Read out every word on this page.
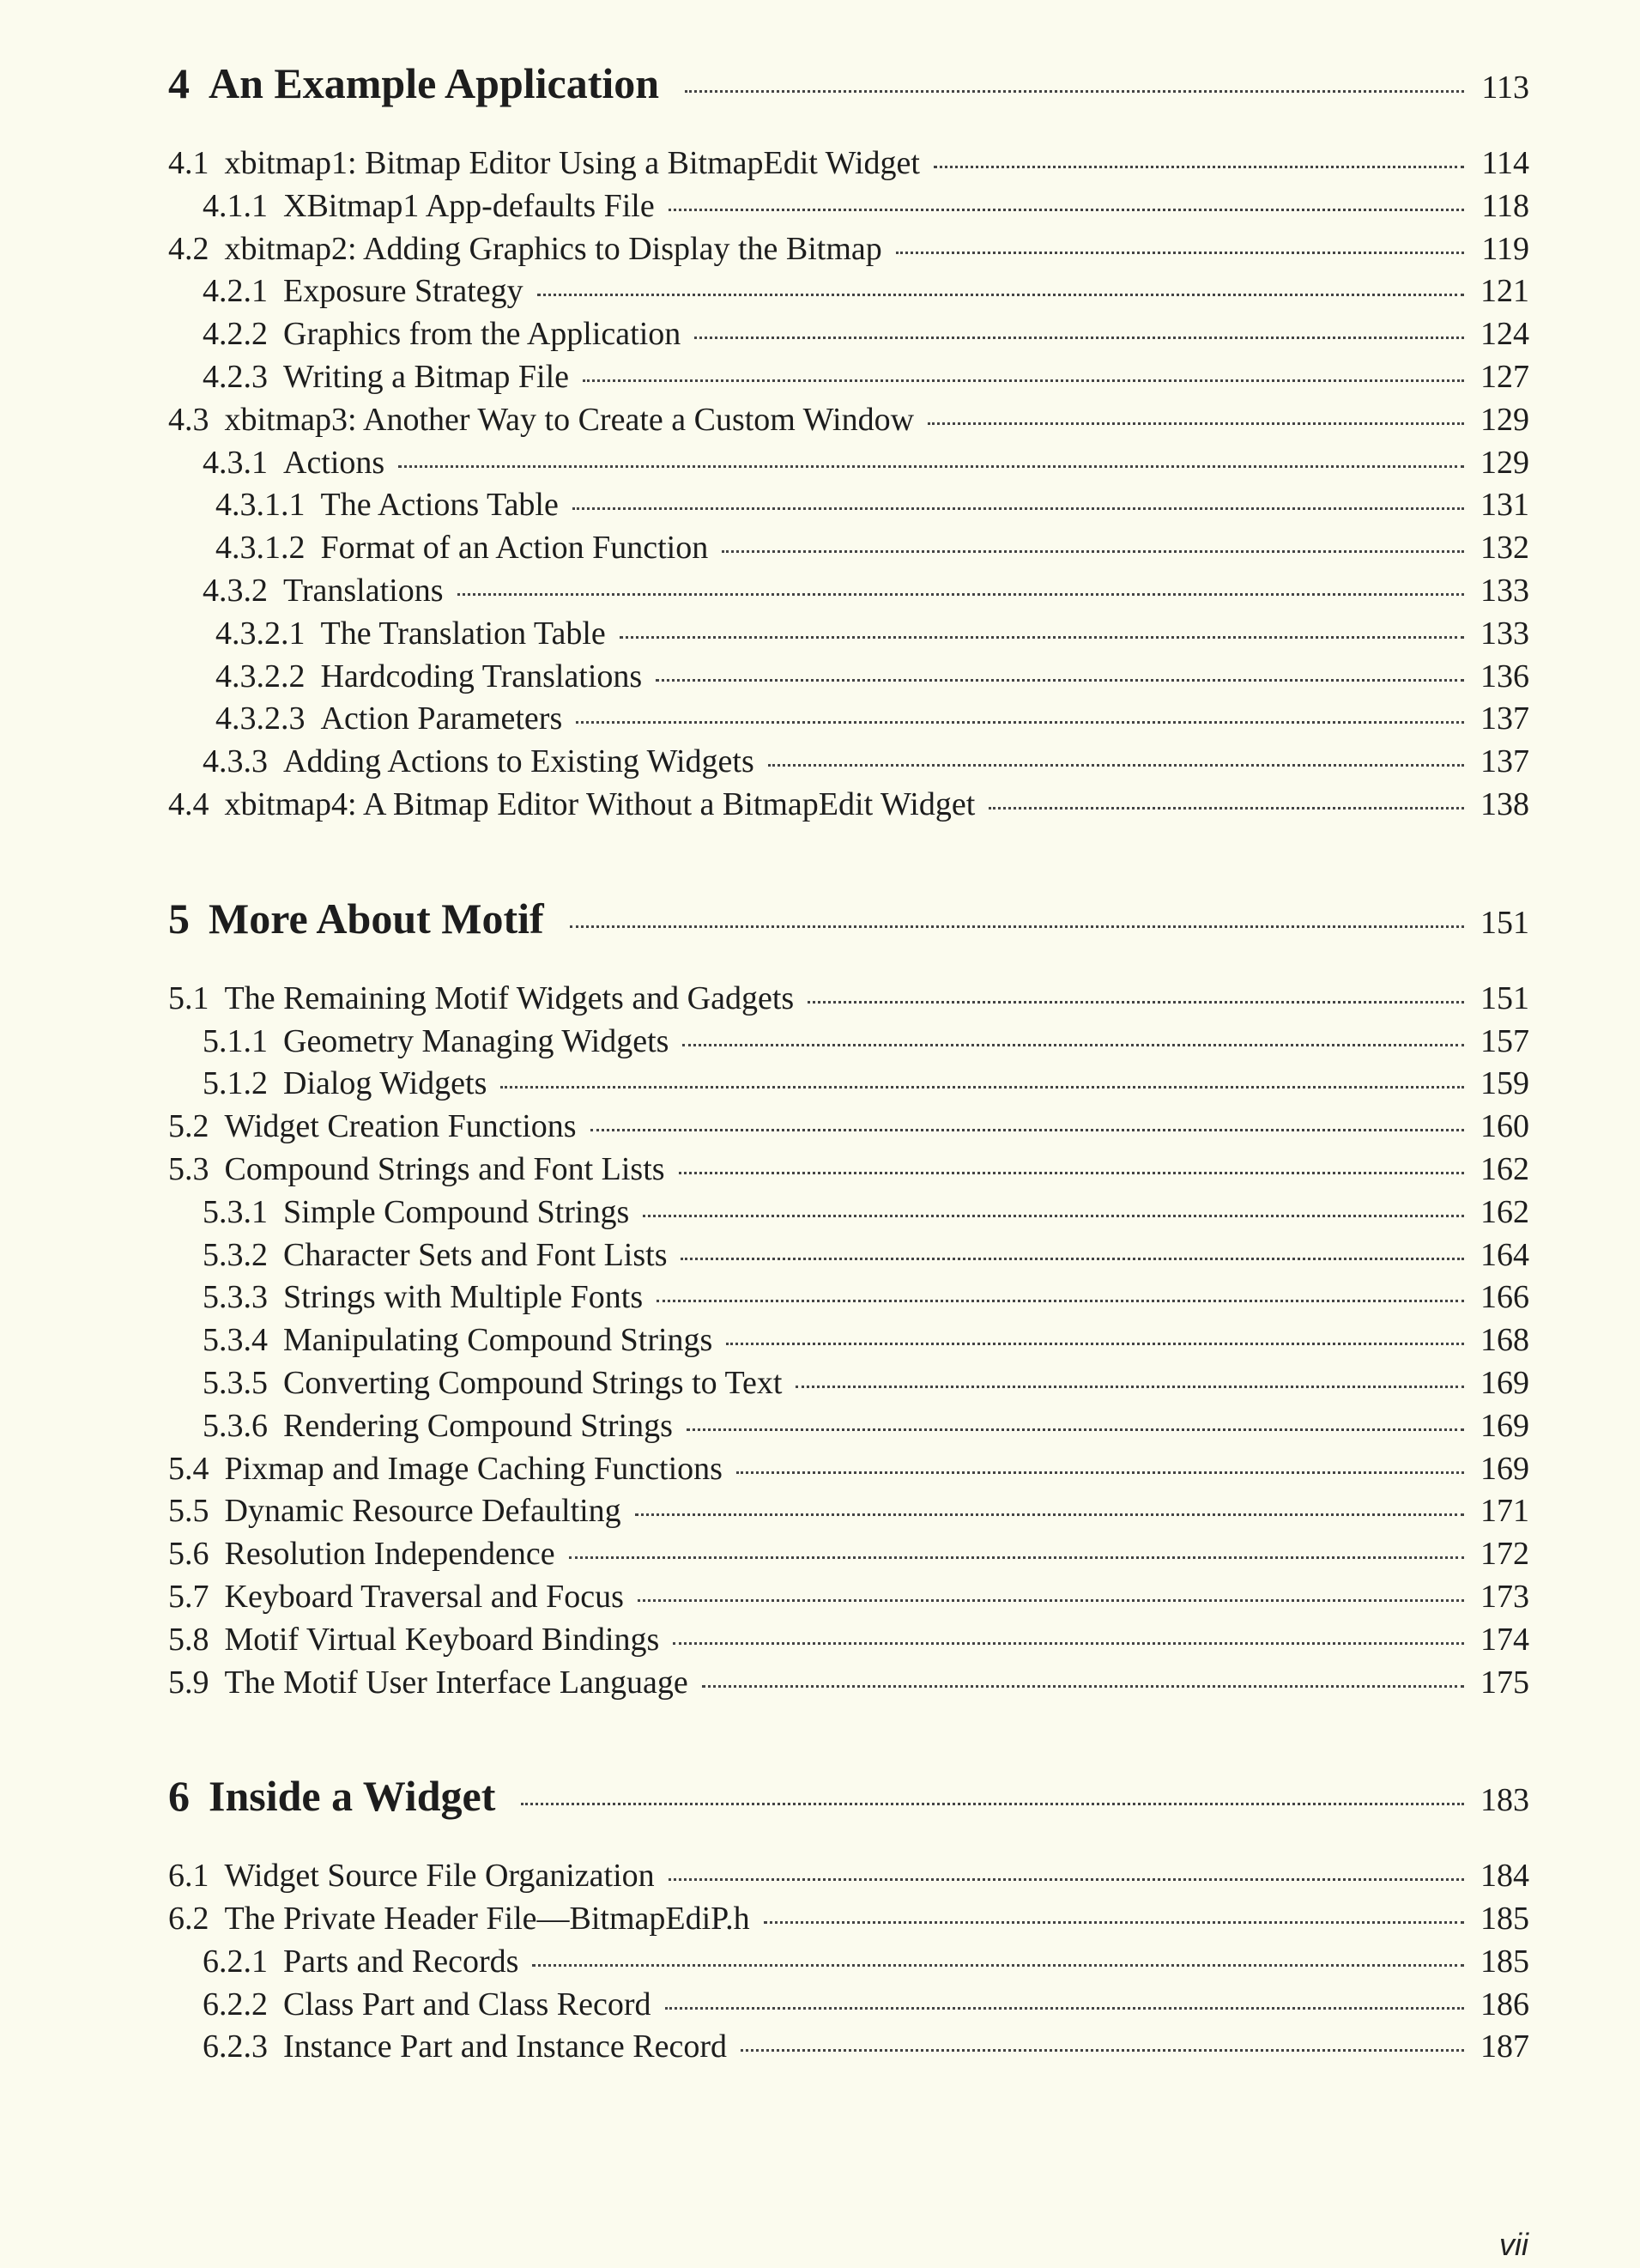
4 An Example Application	113
4.1 xbitmap1: Bitmap Editor Using a BitmapEdit Widget	114
4.1.1 XBitmap1 App-defaults File	118
4.2 xbitmap2: Adding Graphics to Display the Bitmap	119
4.2.1 Exposure Strategy	121
4.2.2 Graphics from the Application	124
4.2.3 Writing a Bitmap File	127
4.3 xbitmap3: Another Way to Create a Custom Window	129
4.3.1 Actions	129
4.3.1.1 The Actions Table	131
4.3.1.2 Format of an Action Function	132
4.3.2 Translations	133
4.3.2.1 The Translation Table	133
4.3.2.2 Hardcoding Translations	136
4.3.2.3 Action Parameters	137
4.3.3 Adding Actions to Existing Widgets	137
4.4 xbitmap4: A Bitmap Editor Without a BitmapEdit Widget	138
5 More About Motif	151
5.1 The Remaining Motif Widgets and Gadgets	151
5.1.1 Geometry Managing Widgets	157
5.1.2 Dialog Widgets	159
5.2 Widget Creation Functions	160
5.3 Compound Strings and Font Lists	162
5.3.1 Simple Compound Strings	162
5.3.2 Character Sets and Font Lists	164
5.3.3 Strings with Multiple Fonts	166
5.3.4 Manipulating Compound Strings	168
5.3.5 Converting Compound Strings to Text	169
5.3.6 Rendering Compound Strings	169
5.4 Pixmap and Image Caching Functions	169
5.5 Dynamic Resource Defaulting	171
5.6 Resolution Independence	172
5.7 Keyboard Traversal and Focus	173
5.8 Motif Virtual Keyboard Bindings	174
5.9 The Motif User Interface Language	175
6 Inside a Widget	183
6.1 Widget Source File Organization	184
6.2 The Private Header File—BitmapEdiP.h	185
6.2.1 Parts and Records	185
6.2.2 Class Part and Class Record	186
6.2.3 Instance Part and Instance Record	187
vii
